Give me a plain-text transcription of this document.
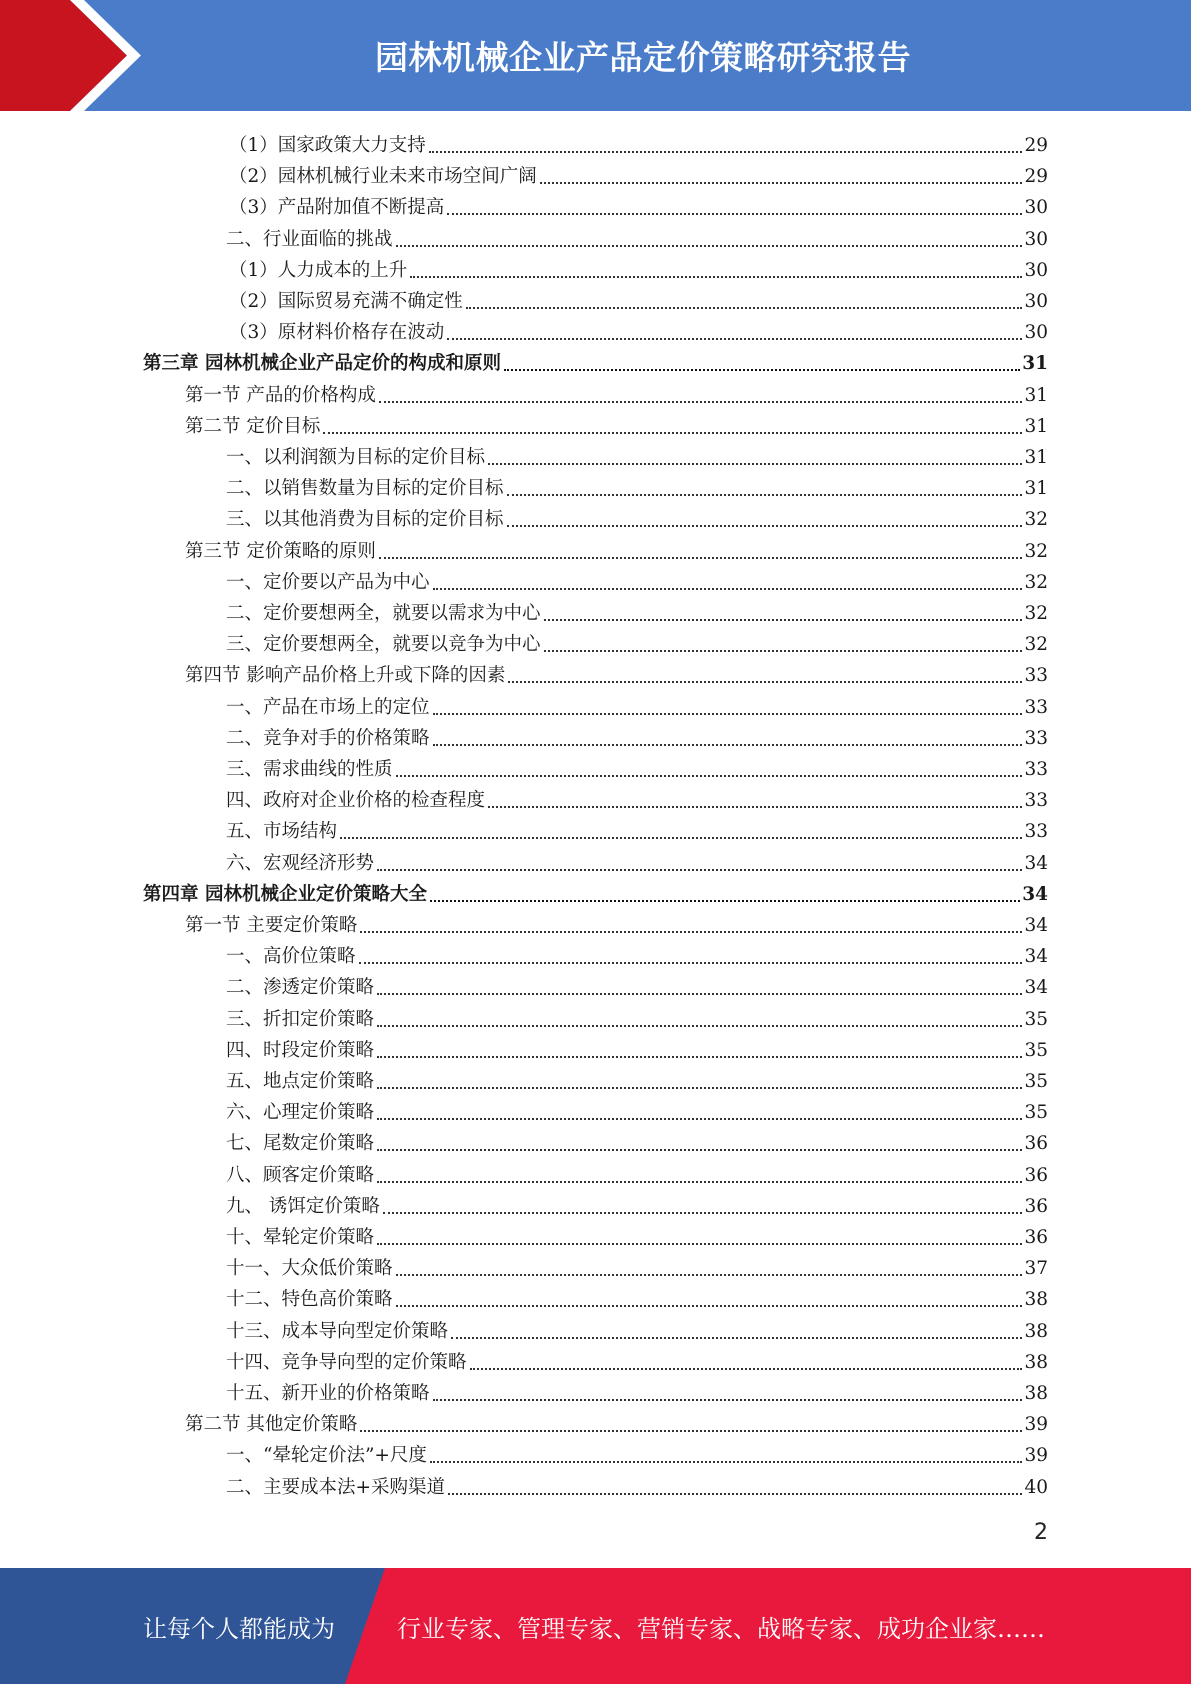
园林机械企业产品定价策略研究报告
（1）国家政策大力支持	29
（2）园林机械行业未来市场空间广阔	29
（3）产品附加值不断提高	30
二、行业面临的挑战	30
（1）人力成本的上升	30
（2）国际贸易充满不确定性	30
（3）原材料价格存在波动	30
第三章 园林机械企业产品定价的构成和原则	31
第一节 产品的价格构成	31
第二节 定价目标	31
一、以利润额为目标的定价目标	31
二、以销售数量为目标的定价目标	31
三、以其他消费为目标的定价目标	32
第三节 定价策略的原则	32
一、定价要以产品为中心	32
二、定价要想两全，就要以需求为中心	32
三、定价要想两全，就要以竞争为中心	32
第四节 影响产品价格上升或下降的因素	33
一、产品在市场上的定位	33
二、竞争对手的价格策略	33
三、需求曲线的性质	33
四、政府对企业价格的检查程度	33
五、市场结构	33
六、宏观经济形势	34
第四章 园林机械企业定价策略大全	34
第一节 主要定价策略	34
一、高价位策略	34
二、渗透定价策略	34
三、折扣定价策略	35
四、时段定价策略	35
五、地点定价策略	35
六、心理定价策略	35
七、尾数定价策略	36
八、顾客定价策略	36
九、 诱饵定价策略	36
十、晕轮定价策略	36
十一、大众低价策略	37
十二、特色高价策略	38
十三、成本导向型定价策略	38
十四、竞争导向型的定价策略	38
十五、新开业的价格策略	38
第二节 其他定价策略	39
一、“晕轮定价法”+尺度	39
二、主要成本法+采购渠道	40
2
让每个人都能成为	行业专家、管理专家、营销专家、战略专家、成功企业家……
